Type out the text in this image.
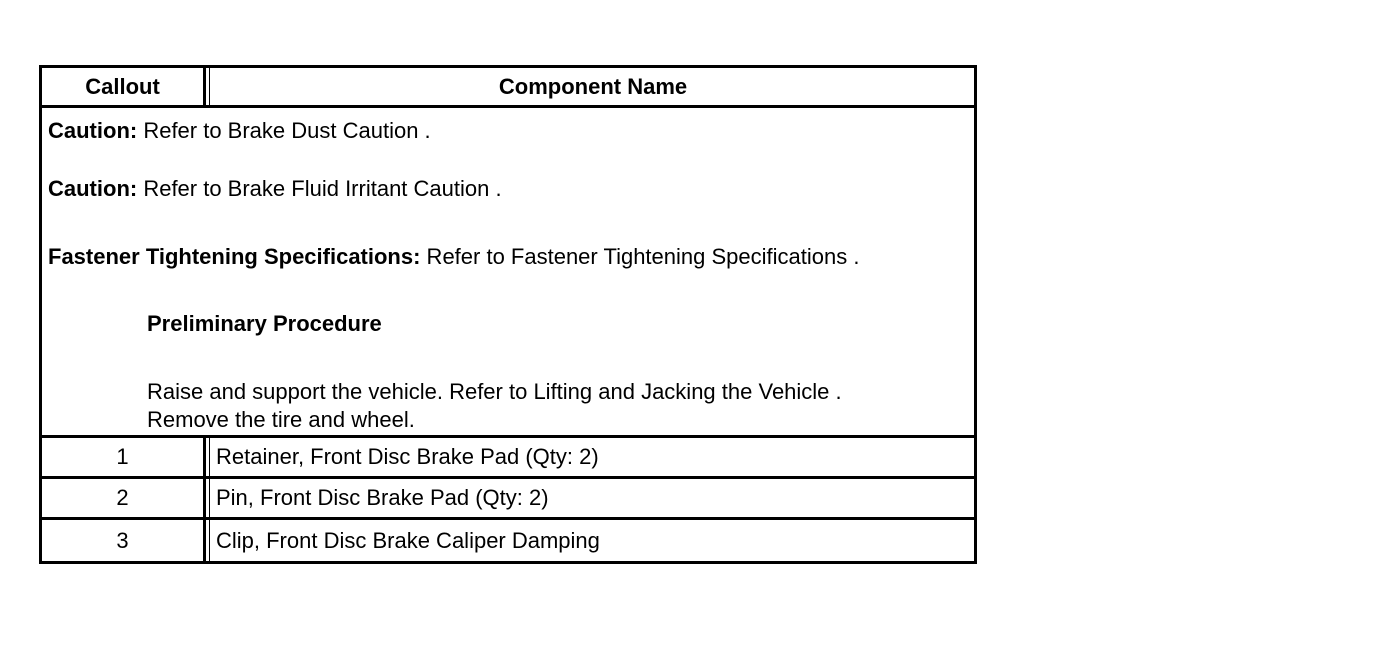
Callout	Component Name
Caution: Refer to Brake Dust Caution .
Caution: Refer to Brake Fluid Irritant Caution .
Fastener Tightening Specifications: Refer to Fastener Tightening Specifications .
Preliminary Procedure
Raise and support the vehicle. Refer to Lifting and Jacking the Vehicle .
Remove the tire and wheel.
1	Retainer, Front Disc Brake Pad (Qty: 2)
2	Pin, Front Disc Brake Pad (Qty: 2)
3	Clip, Front Disc Brake Caliper Damping
